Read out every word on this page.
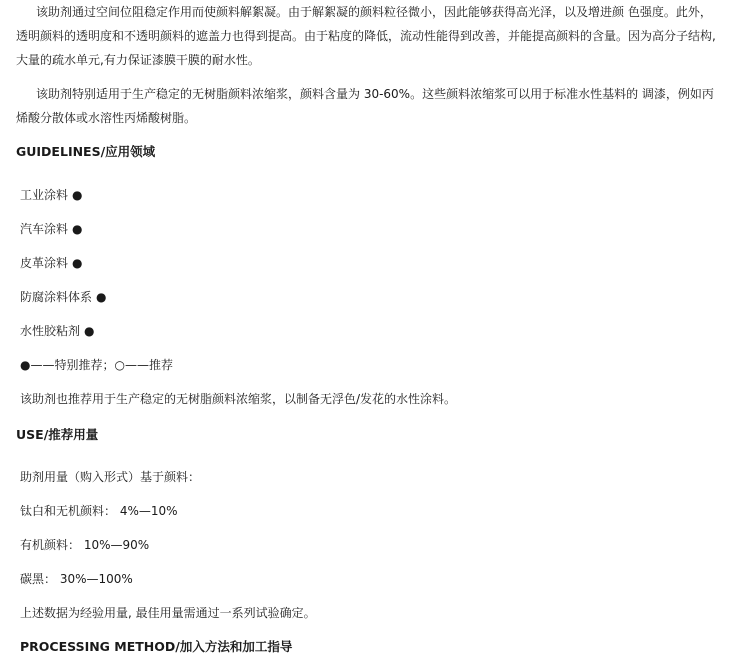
该助剂通过空间位阻稳定作用而使颜料解絮凝。由于解絮凝的颜料粒径微小，因此能够获得高光泽，以及增进颜 色强度。此外，透明颜料的透明度和不透明颜料的遮盖力也得到提高。由于粘度的降低，流动性能得到改善，并能提高颜料的含量。因为高分子结构,大量的疏水单元,有力保证漆膜干膜的耐水性。

该助剂特别适用于生产稳定的无树脂颜料浓缩浆，颜料含量为 30-60%。这些颜料浓缩浆可以用于标准水性基料的 调漆，例如丙烯酸分散体或水溶性丙烯酸树脂。

GUIDELINES/应用领域

工业涂料 ●

汽车涂料 ●

皮革涂料 ●

防腐涂料体系 ●

水性胶粘剂 ●

●——特别推荐；○——推荐

该助剂也推荐用于生产稳定的无树脂颜料浓缩浆，以制备无浮色/发花的水性涂料。

USE/推荐用量

助剂用量（购入形式）基于颜料：

钛白和无机颜料： 4%—10%

有机颜料： 10%—90%

碳黑： 30%—100%

上述数据为经验用量, 最佳用量需通过一系列试验确定。

PROCESSING METHOD/加入方法和加工指导
